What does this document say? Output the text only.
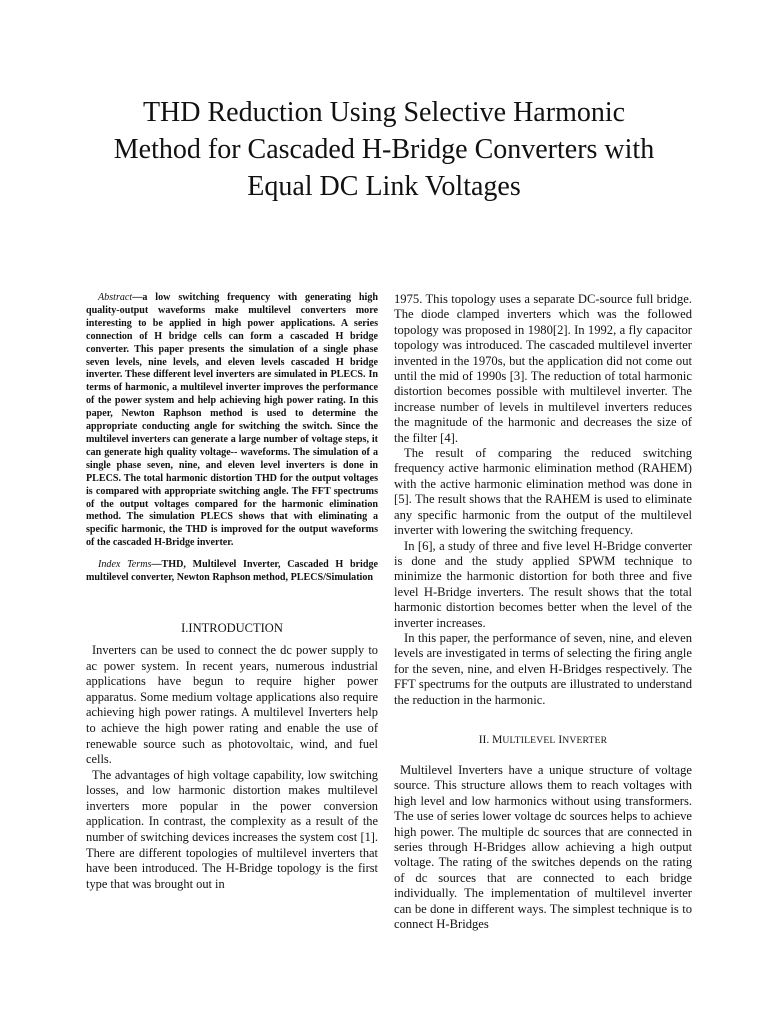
THD Reduction Using Selective Harmonic Method for Cascaded H-Bridge Converters with Equal DC Link Voltages

Abstract—a low switching frequency with generating high quality-output waveforms make multilevel converters more interesting to be applied in high power applications. A series connection of H bridge cells can form a cascaded H bridge converter. This paper presents the simulation of a single phase seven levels, nine levels, and eleven levels cascaded H bridge inverter. These different level inverters are simulated in PLECS. In terms of harmonic, a multilevel inverter improves the performance of the power system and help achieving high power rating. In this paper, Newton Raphson method is used to determine the appropriate conducting angle for switching the switch. Since the multilevel inverters can generate a large number of voltage steps, it can generate high quality voltage-- waveforms. The simulation of a single phase seven, nine, and eleven level inverters is done in PLECS. The total harmonic distortion THD for the output voltages is compared with appropriate switching angle. The FFT spectrums of the output voltages compared for the harmonic elimination method. The simulation PLECS shows that with eliminating a specific harmonic, the THD is improved for the output waveforms of the cascaded H-Bridge inverter.

Index Terms—THD, Multilevel Inverter, Cascaded H bridge multilevel converter, Newton Raphson method, PLECS/Simulation

I.INTRODUCTION

Inverters can be used to connect the dc power supply to ac power system. In recent years, numerous industrial applications have begun to require higher power apparatus. Some medium voltage applications also require achieving high power ratings. A multilevel Inverters help to achieve the high power rating and enable the use of renewable source such as photovoltaic, wind, and fuel cells.

The advantages of high voltage capability, low switching losses, and low harmonic distortion makes multilevel inverters more popular in the power conversion application. In contrast, the complexity as a result of the number of switching devices increases the system cost [1]. There are different topologies of multilevel inverters that have been introduced. The H-Bridge topology is the first type that was brought out in

1975. This topology uses a separate DC-source full bridge. The diode clamped inverters which was the followed topology was proposed in 1980[2]. In 1992, a fly capacitor topology was introduced. The cascaded multilevel inverter invented in the 1970s, but the application did not come out until the mid of 1990s [3]. The reduction of total harmonic distortion becomes possible with multilevel inverter. The increase number of levels in multilevel inverters reduces the magnitude of the harmonic and decreases the size of the filter [4].

The result of comparing the reduced switching frequency active harmonic elimination method (RAHEM) with the active harmonic elimination method was done in [5]. The result shows that the RAHEM is used to eliminate any specific harmonic from the output of the multilevel inverter with lowering the switching frequency.

In [6], a study of three and five level H-Bridge converter is done and the study applied SPWM technique to minimize the harmonic distortion for both three and five level H-Bridge inverters. The result shows that the total harmonic distortion becomes better when the level of the inverter increases.

In this paper, the performance of seven, nine, and eleven levels are investigated in terms of selecting the firing angle for the seven, nine, and elven H-Bridges respectively. The FFT spectrums for the outputs are illustrated to understand the reduction in the harmonic.

II. MULTILEVEL INVERTER

Multilevel Inverters have a unique structure of voltage source. This structure allows them to reach voltages with high level and low harmonics without using transformers. The use of series lower voltage dc sources helps to achieve high power. The multiple dc sources that are connected in series through H-Bridges allow achieving a high output voltage. The rating of the switches depends on the rating of dc sources that are connected to each bridge individually. The implementation of multilevel inverter can be done in different ways. The simplest technique is to connect H-Bridges
